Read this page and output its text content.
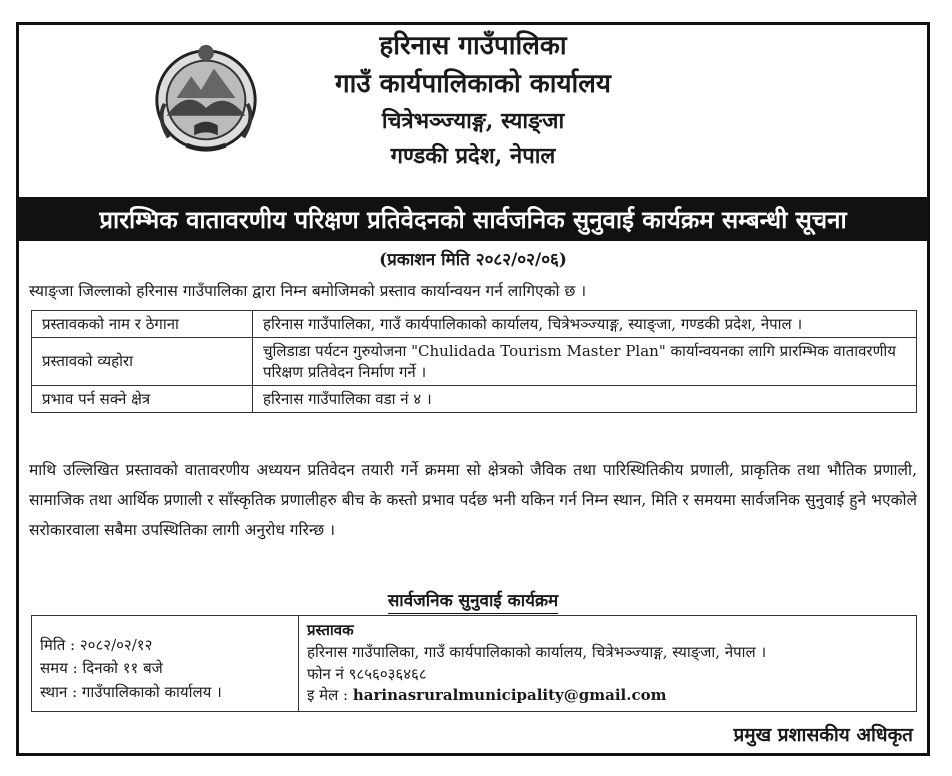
हरिनास गाउँपालिका
गाउँ कार्यपालिकाको कार्यालय
चित्रेभञ्ज्याङ्ग, स्याङ्जा
गण्डकी प्रदेश, नेपाल
प्रारम्भिक वातावरणीय परिक्षण प्रतिवेदनको सार्वजनिक सुनुवाई कार्यक्रम सम्बन्धी सूचना
(प्रकाशन मिति २०८२/०२/०६)
स्याङ्जा जिल्लाको हरिनास गाउँपालिका द्वारा निम्न बमोजिमको प्रस्ताव कार्यान्वयन गर्न लागिएको छ ।
प्रस्तावकको नाम र ठेगाना	हरिनास गाउँपालिका, गाउँ कार्यपालिकाको कार्यालय, चित्रेभञ्ज्याङ्ग, स्याङ्जा, गण्डकी प्रदेश, नेपाल ।
प्रस्तावको व्यहोरा	चुलिडाडा पर्यटन गुरुयोजना "Chulidada Tourism Master Plan" कार्यान्वयनका लागि प्रारम्भिक वातावरणीय परिक्षण प्रतिवेदन निर्माण गर्ने ।
प्रभाव पर्न सक्ने क्षेत्र	हरिनास गाउँपालिका वडा नं ४ ।
माथि उल्लिखित प्रस्तावको वातावरणीय अध्ययन प्रतिवेदन तयारी गर्ने क्रममा सो क्षेत्रको जैविक तथा पारिस्थितिकीय प्रणाली, प्राकृतिक तथा भौतिक प्रणाली, सामाजिक तथा आर्थिक प्रणाली र साँस्कृतिक प्रणालीहरु बीच के कस्तो प्रभाव पर्दछ भनी यकिन गर्न निम्न स्थान, मिति र समयमा सार्वजनिक सुनुवाई हुने भएकोले सरोकारवाला सबैमा उपस्थितिका लागी अनुरोध गरिन्छ ।
सार्वजनिक सुनुवाई कार्यक्रम
मिति : २०८२/०२/१२
समय : दिनको ११ बजे
स्थान : गाउँपालिकाको कार्यालय ।

प्रस्तावक
हरिनास गाउँपालिका, गाउँ कार्यपालिकाको कार्यालय, चित्रेभञ्ज्याङ्ग, स्याङ्जा, नेपाल ।
फोन नं ९८५६०३६४६८
इ मेल : harinasruralmunicipality@gmail.com
प्रमुख प्रशासकीय अधिकृत
